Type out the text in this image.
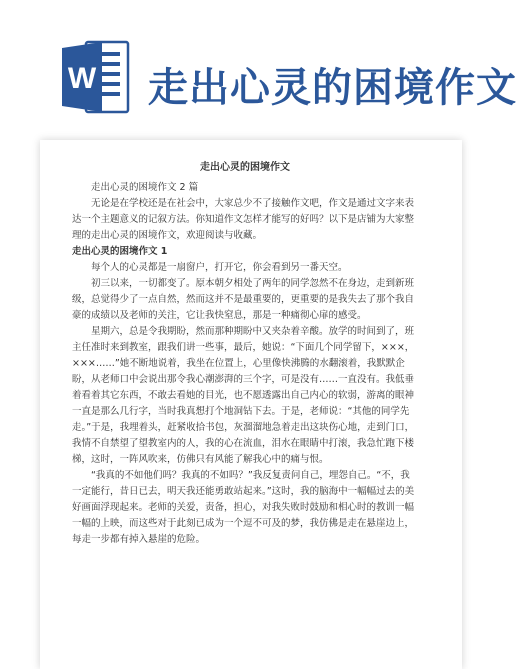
W 走出心灵的困境作文
走出心灵的困境作文

走出心灵的困境作文 2 篇

无论是在学校还是在社会中，大家总少不了接触作文吧，作文是通过文字来表达一个主题意义的记叙方法。你知道作文怎样才能写的好吗？以下是店铺为大家整理的走出心灵的困境作文，欢迎阅读与收藏。

走出心灵的困境作文 1

每个人的心灵都是一扇窗户，打开它，你会看到另一番天空。

初三以来，一切都变了。原本朝夕相处了两年的同学忽然不在身边，走到新班级，总觉得少了一点自然，然而这并不是最重要的，更重要的是我失去了那个我自豪的成绩以及老师的关注，它让我快窒息，那是一种痛彻心扉的感受。

星期六，总是令我期盼，然而那种期盼中又夹杂着辛酸。放学的时间到了，班主任准时来到教室，跟我们讲一些事，最后，她说：“下面几个同学留下，×××，×××……”她不断地说着，我坐在位置上，心里像快沸腾的水翻滚着，我默默企盼，从老师口中会说出那令我心潮澎湃的三个字，可是没有……一直没有。我低垂着看着其它东西，不敢去看她的目光，也不愿透露出自己内心的软弱，游离的眼神一直是那么几行字，当时我真想打个地洞钻下去。于是，老师说：“其他的同学先走。”于是，我埋着头，赶紧收拾书包，灰溜溜地急着走出这块伤心地，走到门口，我情不自禁望了望教室内的人，我的心在流血，泪水在眼睛中打滚，我急忙跑下楼梯，这时，一阵风吹来，仿佛只有风能了解我心中的痛与恨。

“我真的不如他们吗？我真的不如吗？”我反复责问自己，埋怨自己。“不，我一定能行，昔日已去，明天我还能勇敢站起来。”这时，我的脑海中一幅幅过去的美好画面浮现起来。老师的关爱，责备，担心，对我失败时鼓励和相心时的教训一幅一幅的上映，而这些对于此刻已成为一个逗不可及的梦，我仿佛是走在悬崖边上，每走一步都有掉入悬崖的危险。
